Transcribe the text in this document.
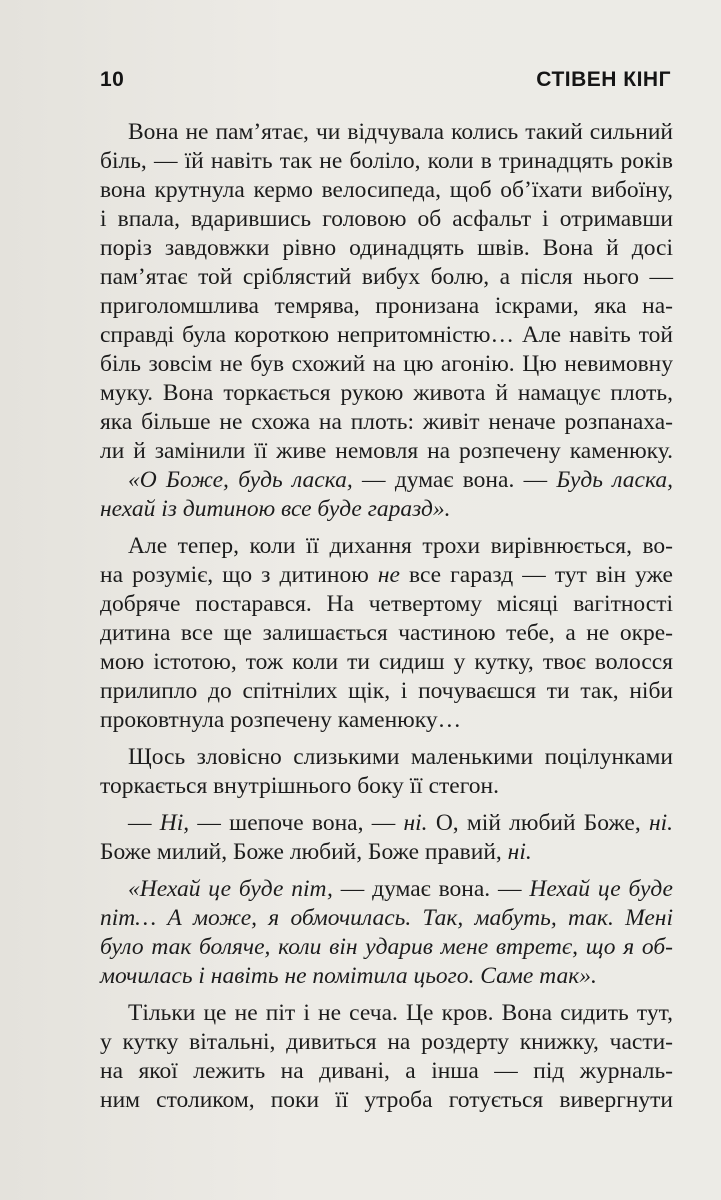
10	СТІВЕН КІНГ
Вона не пам’ятає, чи відчувала колись такий сильний
біль, — їй навіть так не боліло, коли в тринадцять років
вона крутнула кермо велосипеда, щоб об’їхати вибоїну,
і впала, вдарившись головою об асфальт і отримавши
поріз завдовжки рівно одинадцять швів. Вона й досі
пам’ятає той сріблястий вибух болю, а після нього —
приголомшлива темрява, пронизана іскрами, яка на-
справді була короткою непритомністю… Але навіть той
біль зовсім не був схожий на цю агонію. Цю невимовну
муку. Вона торкається рукою живота й намацує плоть,
яка більше не схожа на плоть: живіт неначе розпанаха-
ли й замінили її живе немовля на розпечену каменюку.
«О Боже, будь ласка, — думає вона. — Будь ласка,
нехай із дитиною все буде гаразд».
Але тепер, коли її дихання трохи вирівнюється, во-
на розуміє, що з дитиною не все гаразд — тут він уже
добряче постарався. На четвертому місяці вагітності
дитина все ще залишається частиною тебе, а не окре-
мою істотою, тож коли ти сидиш у кутку, твоє волосся
прилипло до спітнілих щік, і почуваєшся ти так, ніби
проковтнула розпечену каменюку…
Щось зловісно слизькими маленькими поцілунками
торкається внутрішнього боку її стегон.
— Ні, — шепоче вона, — ні. О, мій любий Боже, ні.
Боже милий, Боже любий, Боже правий, ні.
«Нехай це буде піт, — думає вона. — Нехай це буде
піт… А може, я обмочилась. Так, мабуть, так. Мені
було так боляче, коли він ударив мене втретє, що я об-
мочилась і навіть не помітила цього. Саме так».
Тільки це не піт і не сеча. Це кров. Вона сидить тут,
у кутку вітальні, дивиться на роздерту книжку, части-
на якої лежить на дивані, а інша — під журналь-
ним столиком, поки її утроба готується вивергнути
